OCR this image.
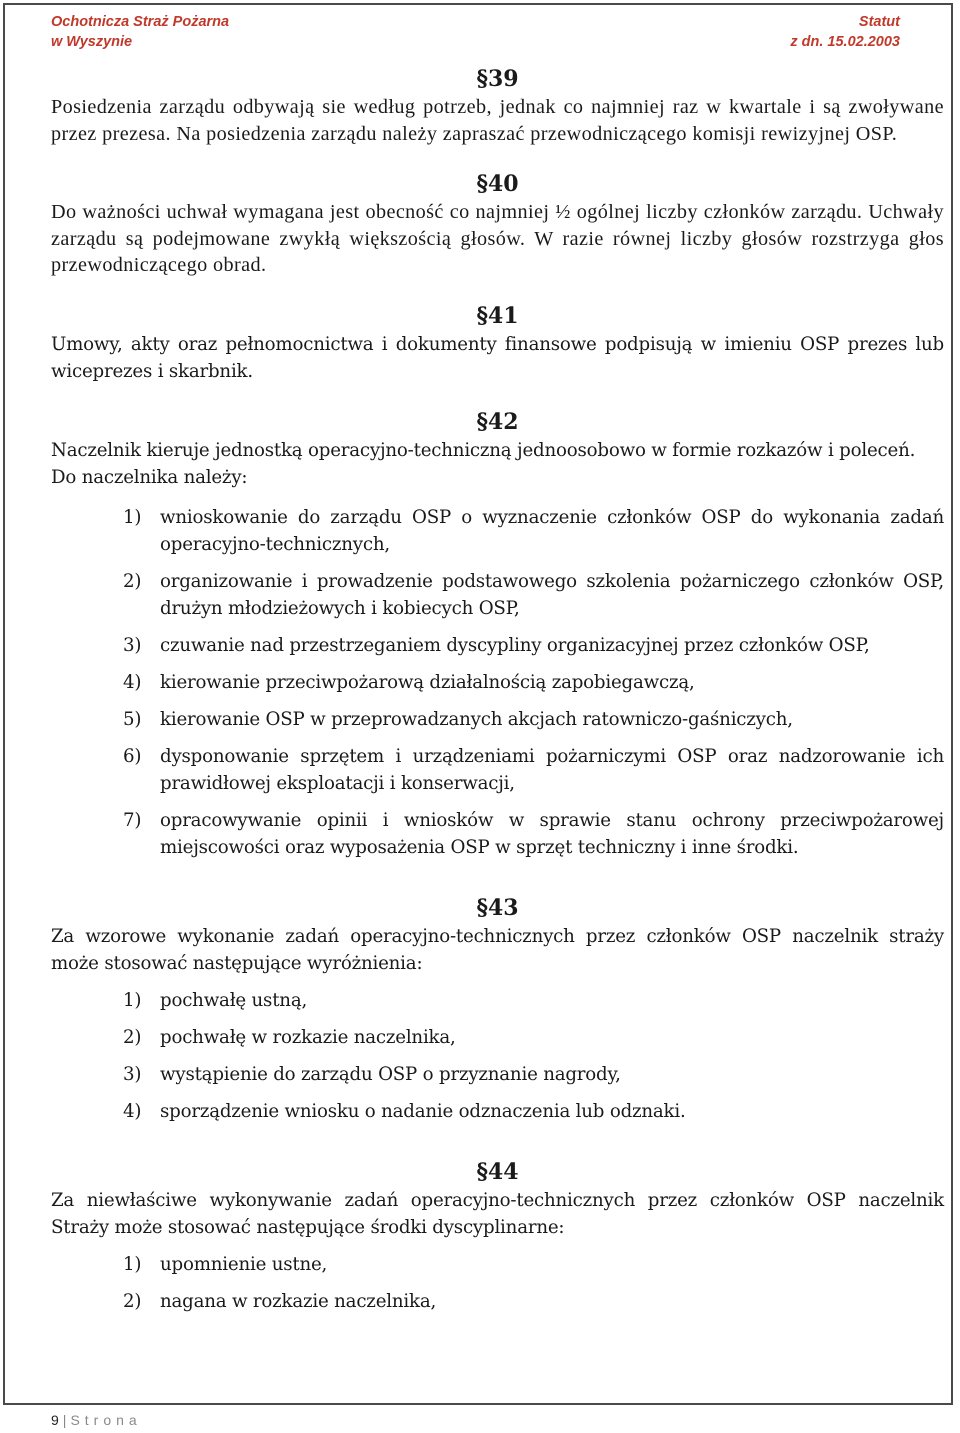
Ochotnicza Straż Pożarna
w Wyszynie
Statut
z dn. 15.02.2003
§39

Posiedzenia zarządu odbywają sie według potrzeb, jednak co najmniej raz w kwartale i są zwoływane przez prezesa. Na posiedzenia zarządu należy zapraszać przewodniczącego komisji rewizyjnej OSP.

§40

Do ważności uchwał wymagana jest obecność co najmniej ½ ogólnej liczby członków zarządu. Uchwały zarządu są podejmowane zwykłą większością głosów. W razie równej liczby głosów rozstrzyga głos przewodniczącego obrad.

§41

Umowy, akty oraz pełnomocnictwa i dokumenty finansowe podpisują w imieniu OSP prezes lub wiceprezes i skarbnik.

§42

Naczelnik kieruje jednostką operacyjno-techniczną jednoosobowo w formie rozkazów i poleceń.

Do naczelnika należy:

1) wnioskowanie do zarządu OSP o wyznaczenie członków OSP do wykonania zadań operacyjno-technicznych,
2) organizowanie i prowadzenie podstawowego szkolenia pożarniczego członków OSP, drużyn młodzieżowych i kobiecych OSP,
3) czuwanie nad przestrzeganiem dyscypliny organizacyjnej przez członków OSP,
4) kierowanie przeciwpożarową działalnością zapobiegawczą,
5) kierowanie OSP w przeprowadzanych akcjach ratowniczo-gaśniczych,
6) dysponowanie sprzętem i urządzeniami pożarniczymi OSP oraz nadzorowanie ich prawidłowej eksploatacji i konserwacji,
7) opracowywanie opinii i wniosków w sprawie stanu ochrony przeciwpożarowej miejscowości oraz wyposażenia OSP w sprzęt techniczny i inne środki.
§43

Za wzorowe wykonanie zadań operacyjno-technicznych przez członków OSP naczelnik straży może stosować następujące wyróżnienia:

1) pochwałę ustną,
2) pochwałę w rozkazie naczelnika,
3) wystąpienie do zarządu OSP o przyznanie nagrody,
4) sporządzenie wniosku o nadanie odznaczenia lub odznaki.
§44

Za niewłaściwe wykonywanie zadań operacyjno-technicznych przez członków OSP naczelnik Straży może stosować następujące środki dyscyplinarne:

1) upomnienie ustne,
2) nagana w rozkazie naczelnika,
9 | Strona
